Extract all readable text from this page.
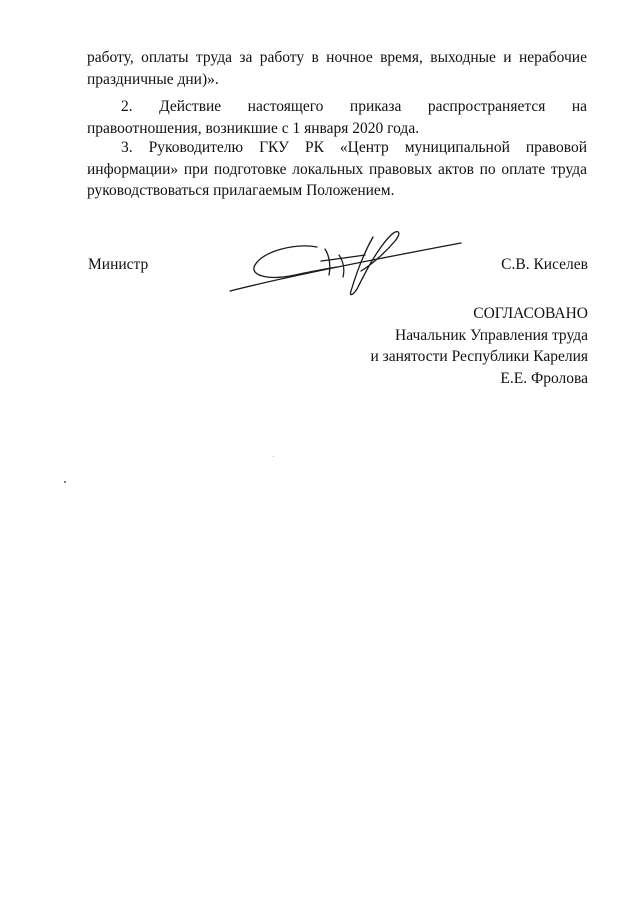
работу, оплаты труда за работу в ночное время, выходные и нерабочие праздничные дни)».

2. Действие настоящего приказа распространяется на правоотношения, возникшие с 1 января 2020 года.

3. Руководителю ГКУ РК «Центр муниципальной правовой информации» при подготовке локальных правовых актов по оплате труда руководствоваться прилагаемым Положением.

Министр	С.В. Киселев
СОГЛАСОВАНО
Начальник Управления труда
и занятости Республики Карелия
Е.Е. Фролова
